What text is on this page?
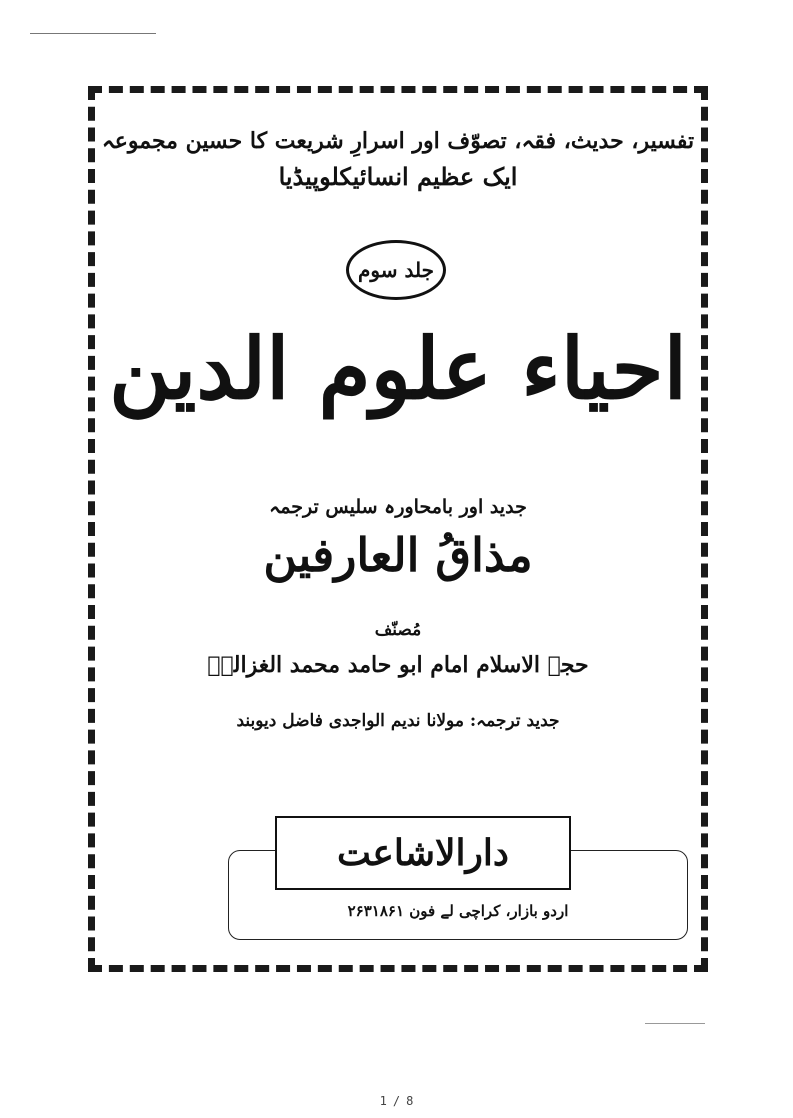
تفسیر، حدیث، فقہ، تصوّف اور اسرارِ شریعت کا حسین مجموعہ
ایک عظیم انسائیکلوپیڈیا
جلد سوم
احیاء علوم الدین
جدید اور بامحاورہ سلیس ترجمہ
مذاقُ العارفین
مُصنّف
حجۃ الاسلام امام ابو حامد محمد الغزالیؒ
جدید ترجمہ: مولانا ندیم الواجدی فاضل دیوبند
دارالاشاعت
اردو بازار، کراچی لے فون ۲۶۳۱۸۶۱
1 / 8
